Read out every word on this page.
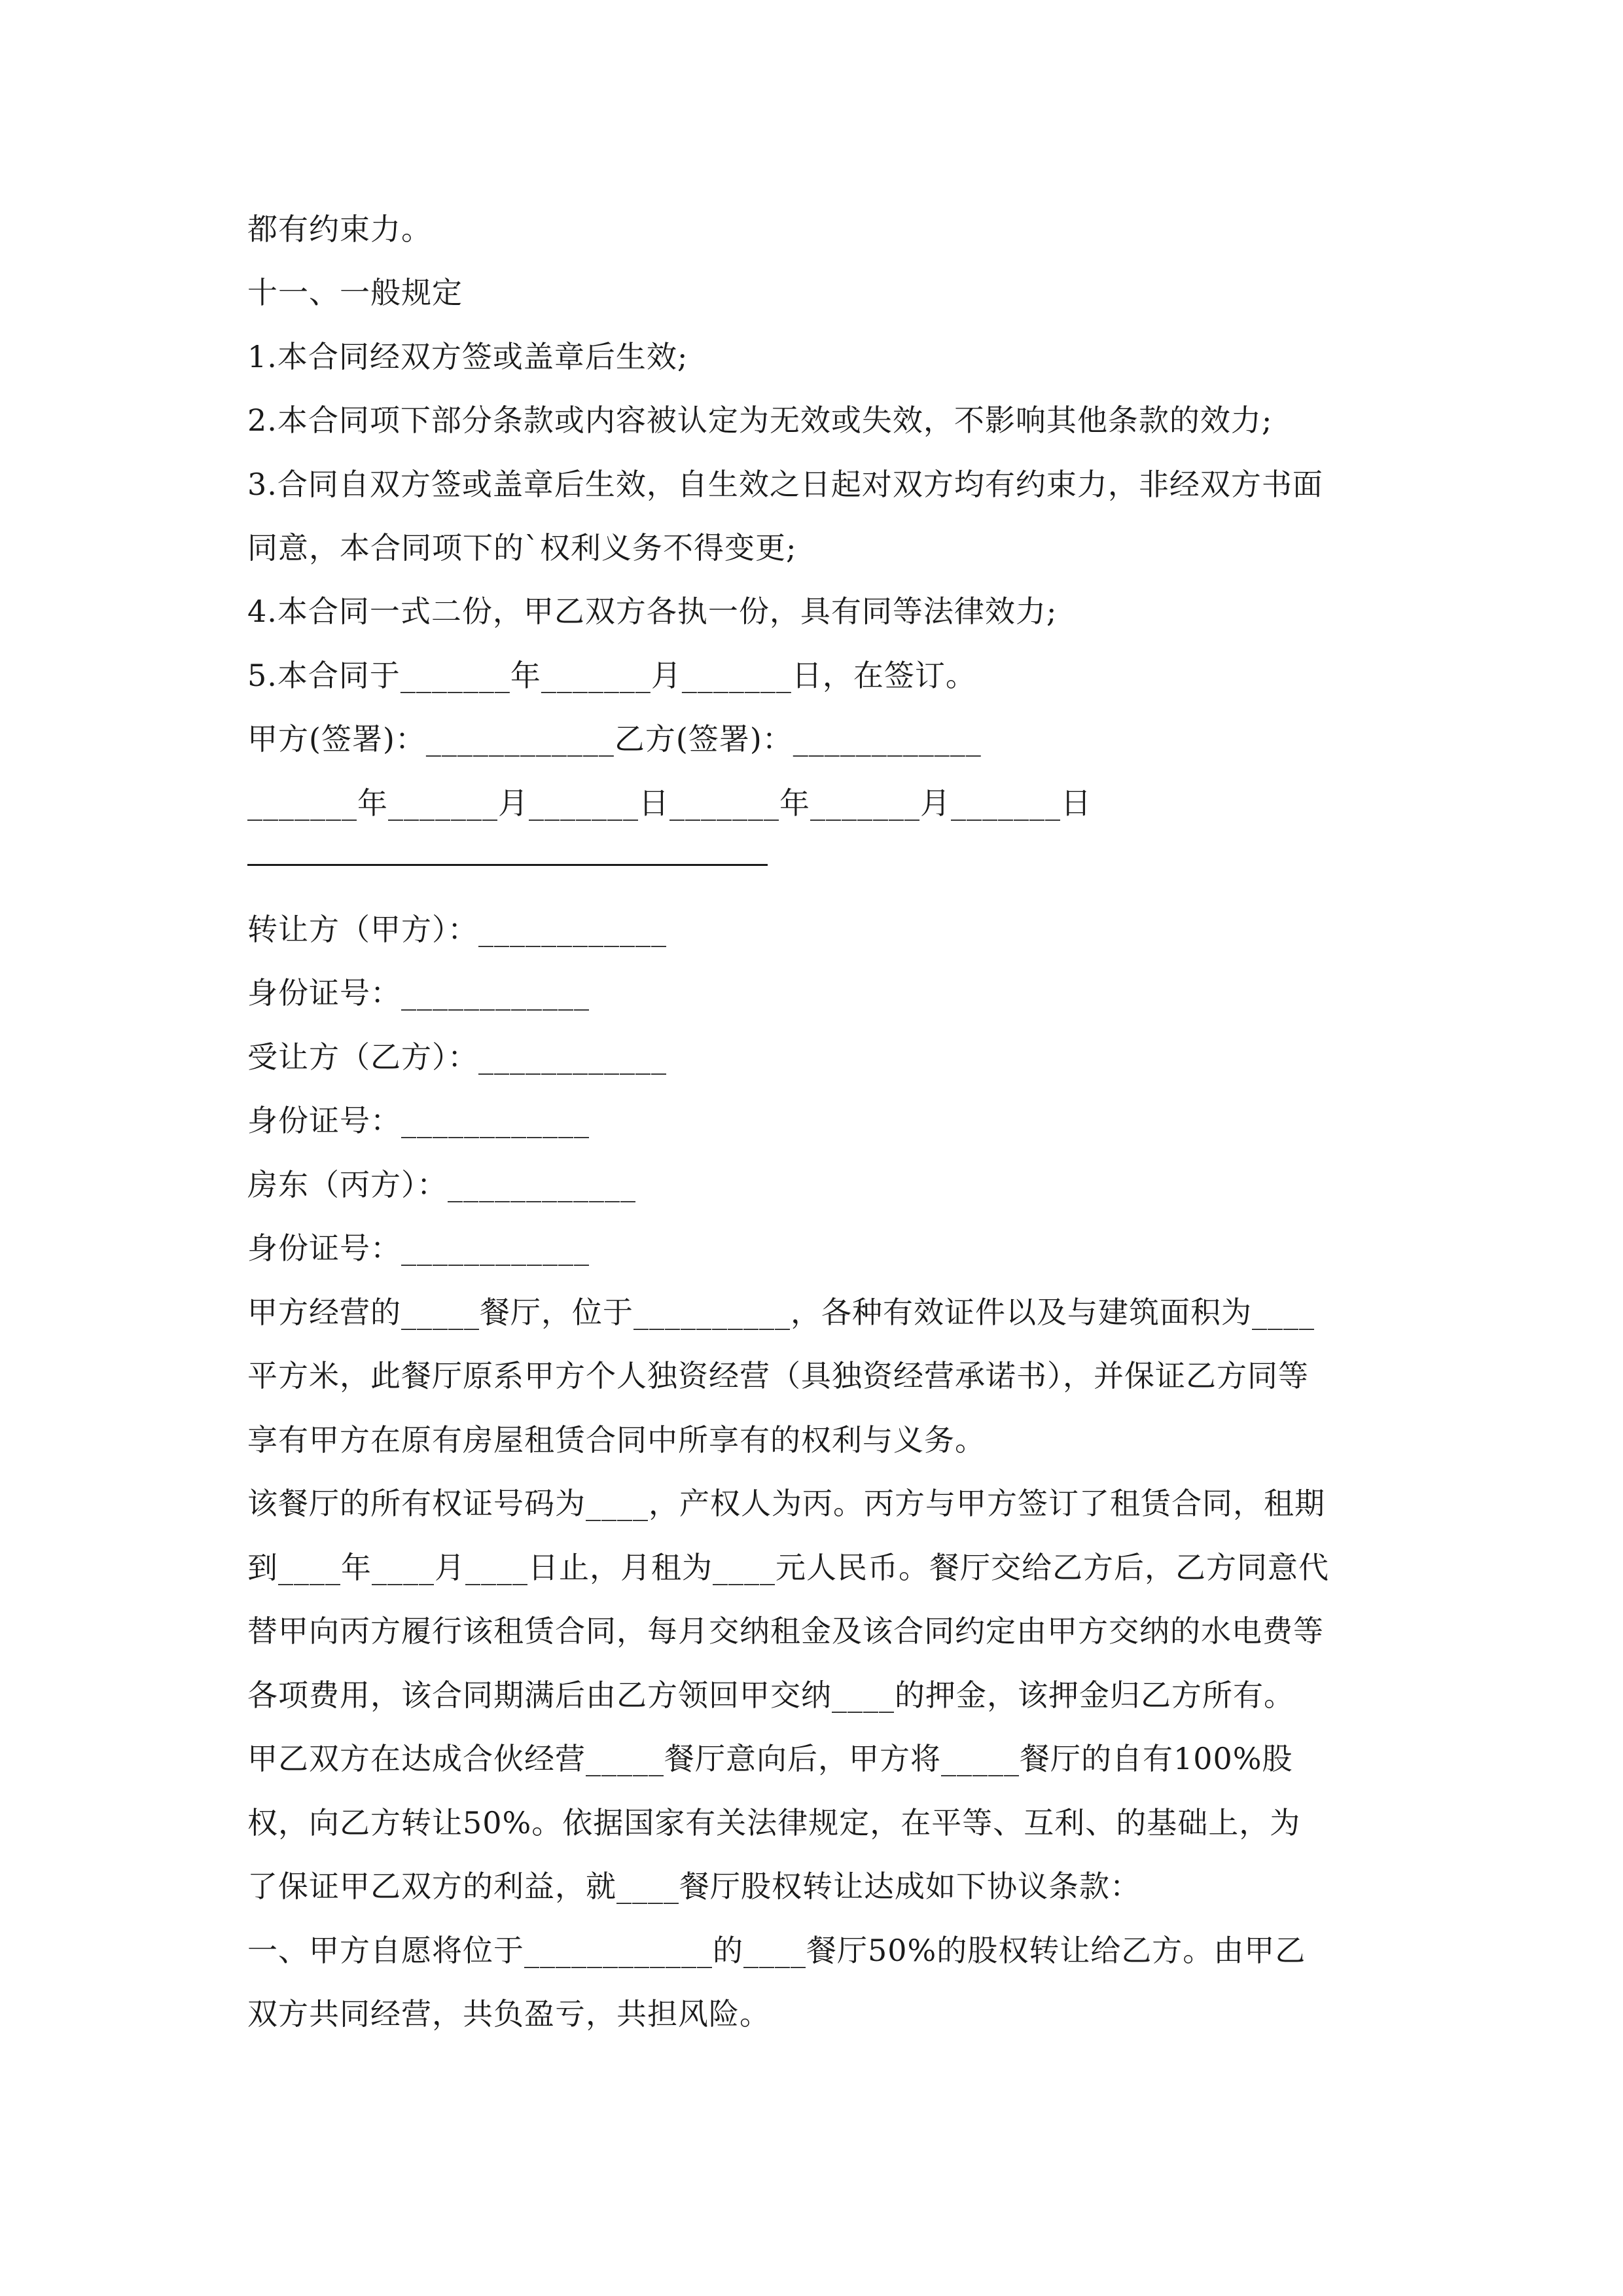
都有约束力。
十一、一般规定
1.本合同经双方签或盖章后生效;
2.本合同项下部分条款或内容被认定为无效或失效，不影响其他条款的效力;
3.合同自双方签或盖章后生效，自生效之日起对双方均有约束力，非经双方书面
同意，本合同项下的`权利义务不得变更;
4.本合同一式二份，甲乙双方各执一份，具有同等法律效力;
5.本合同于_______年_______月_______日，在签订。
甲方(签署)：____________乙方(签署)：____________
_______年_______月_______日_______年_______月_______日
转让方（甲方）：____________
身份证号：____________
受让方（乙方）：____________
身份证号：____________
房东（丙方）：____________
身份证号：____________
甲方经营的_____餐厅，位于__________，各种有效证件以及与建筑面积为____
平方米，此餐厅原系甲方个人独资经营（具独资经营承诺书），并保证乙方同等
享有甲方在原有房屋租赁合同中所享有的权利与义务。
该餐厅的所有权证号码为____，产权人为丙。丙方与甲方签订了租赁合同，租期
到____年____月____日止，月租为____元人民币。餐厅交给乙方后，乙方同意代
替甲向丙方履行该租赁合同，每月交纳租金及该合同约定由甲方交纳的水电费等
各项费用，该合同期满后由乙方领回甲交纳____的押金，该押金归乙方所有。
甲乙双方在达成合伙经营_____餐厅意向后，甲方将_____餐厅的自有100%股
权，向乙方转让50%。依据国家有关法律规定，在平等、互利、的基础上，为
了保证甲乙双方的利益，就____餐厅股权转让达成如下协议条款：
一、甲方自愿将位于____________的____餐厅50%的股权转让给乙方。由甲乙
双方共同经营，共负盈亏，共担风险。
